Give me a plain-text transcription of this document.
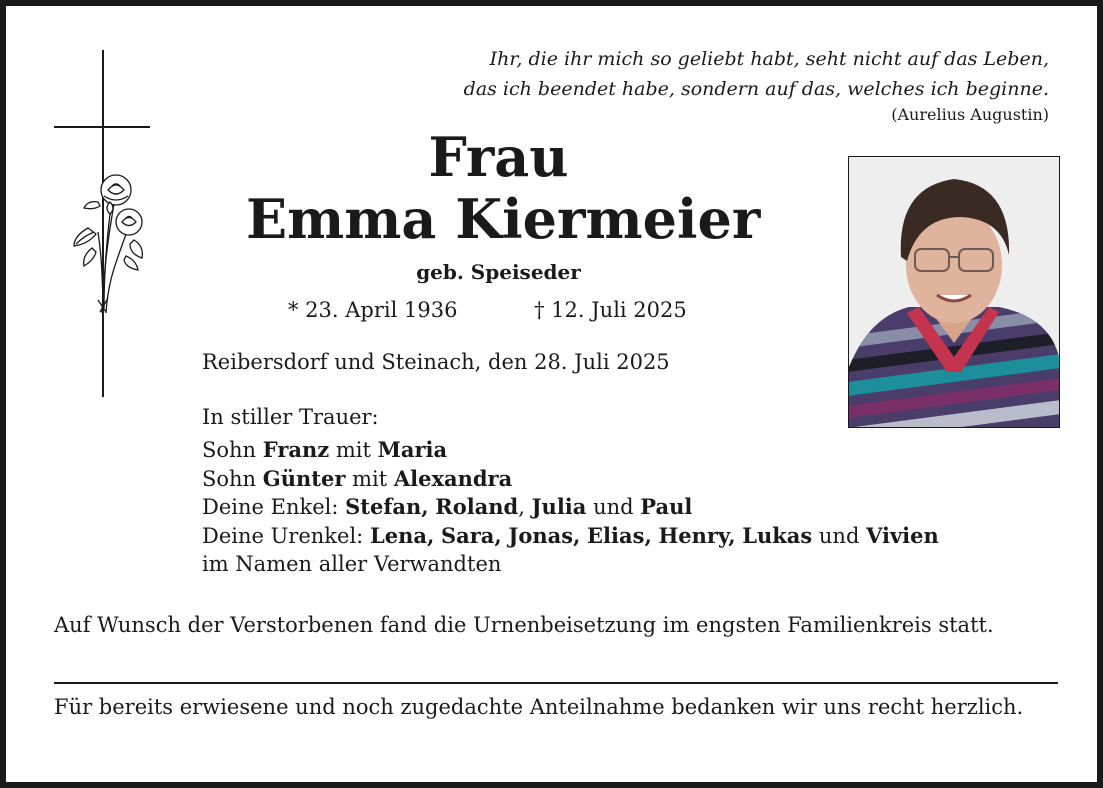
Ihr, die ihr mich so geliebt habt, seht nicht auf das Leben,
das ich beendet habe, sondern auf das, welches ich beginne.
(Aurelius Augustin)
Frau
Emma Kiermeier
geb. Speiseder
* 23. April 1936	† 12. Juli 2025
Reibersdorf und Steinach, den 28. Juli 2025
In stiller Trauer:
Sohn Franz mit Maria
Sohn Günter mit Alexandra
Deine Enkel: Stefan, Roland, Julia und Paul
Deine Urenkel: Lena, Sara, Jonas, Elias, Henry, Lukas und Vivien
im Namen aller Verwandten
Auf Wunsch der Verstorbenen fand die Urnenbeisetzung im engsten Familienkreis statt.
Für bereits erwiesene und noch zugedachte Anteilnahme bedanken wir uns recht herzlich.
